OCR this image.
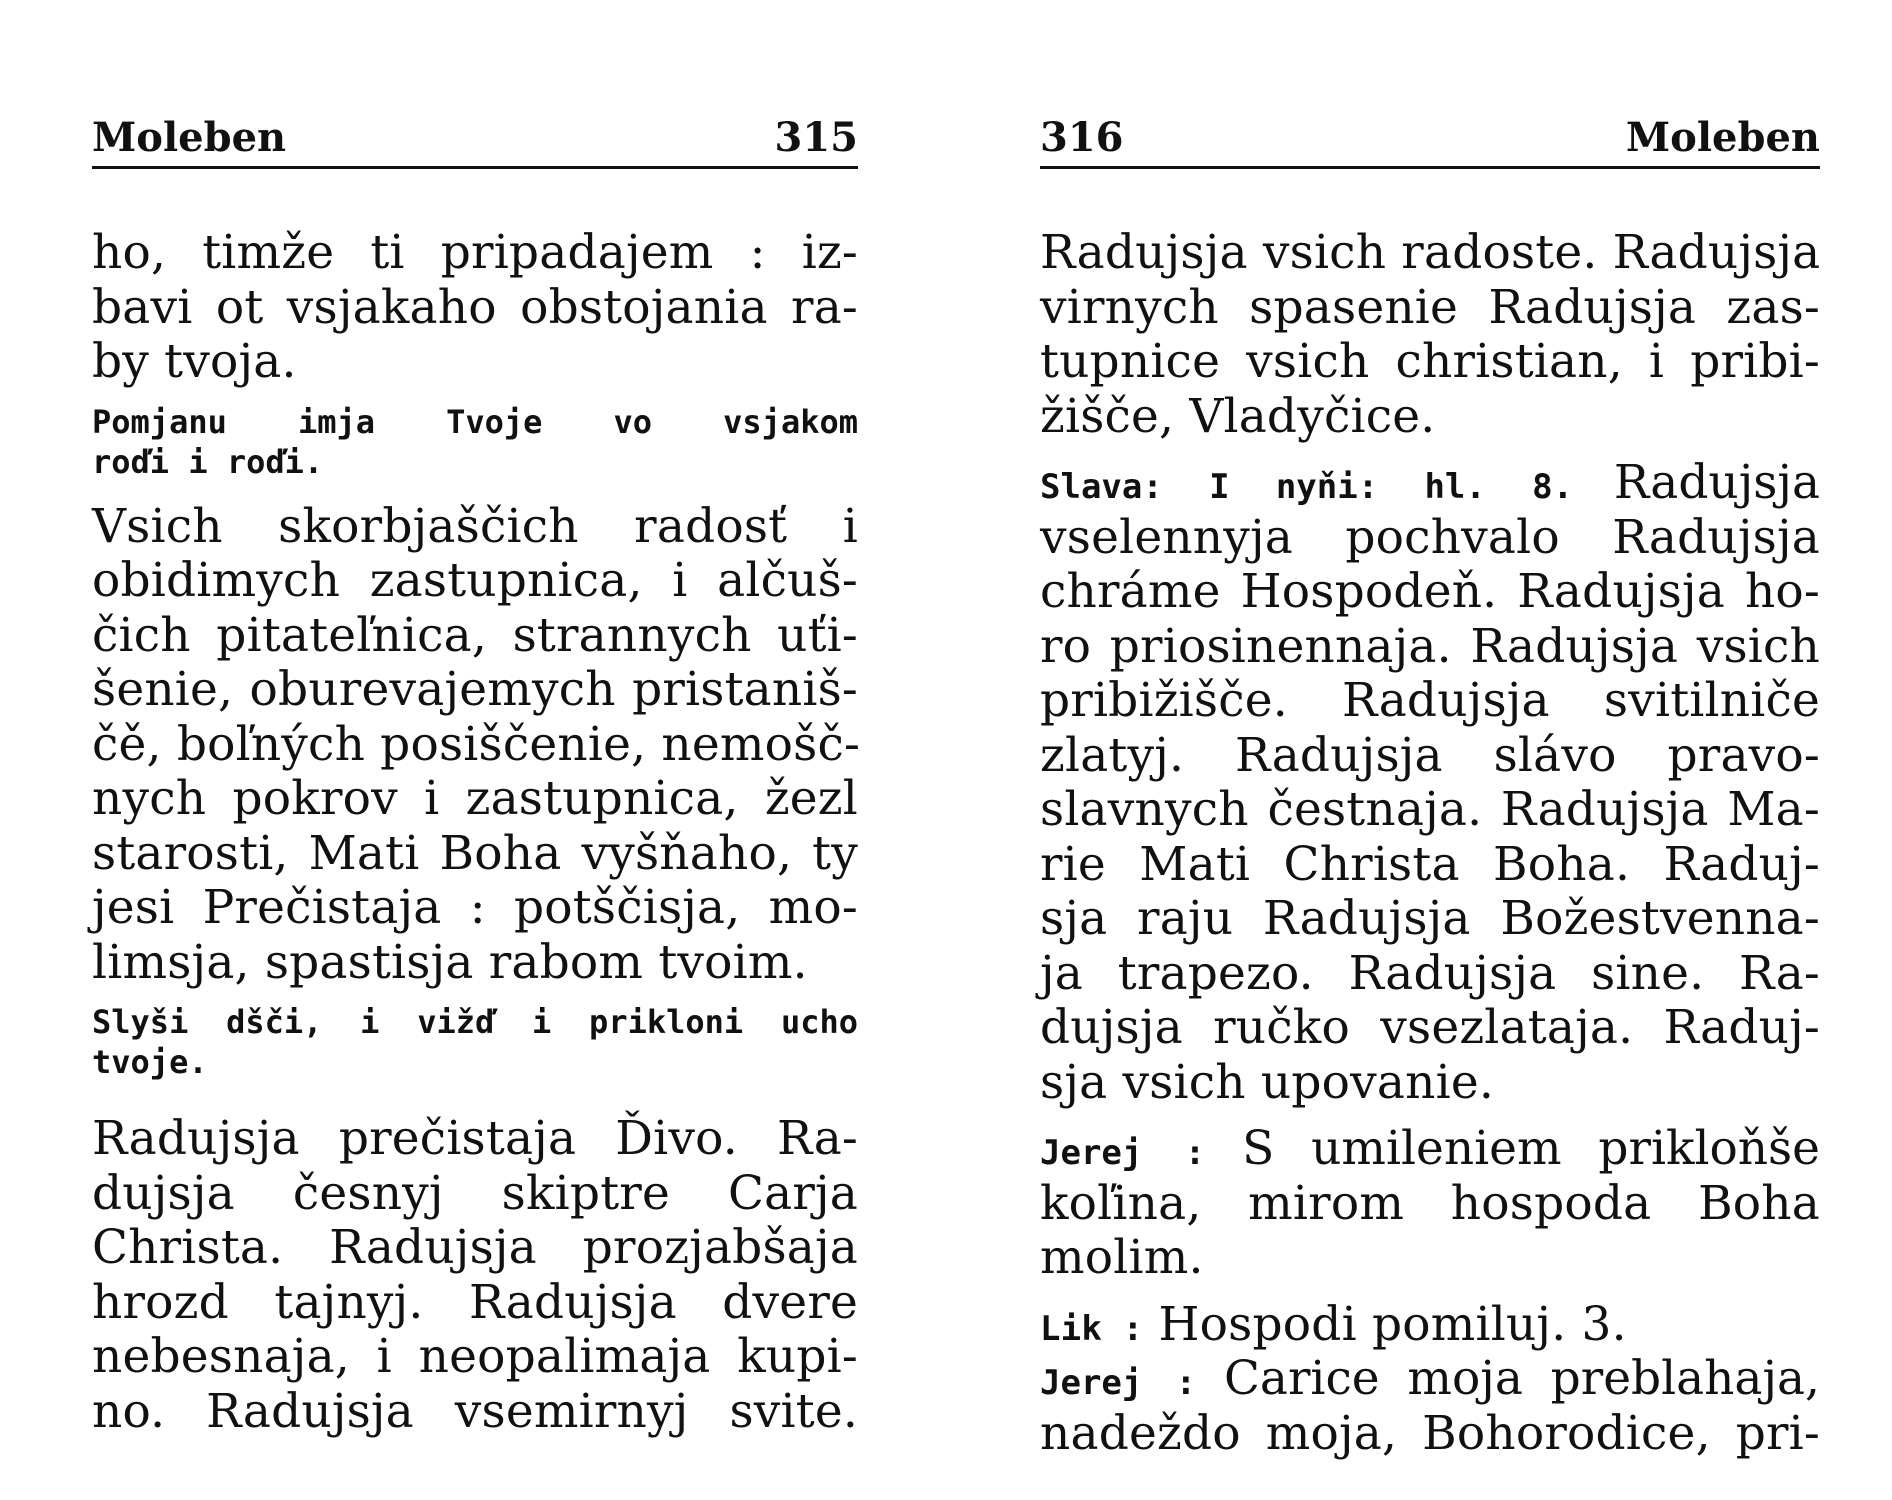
Moleben	315
ho, timže ti pripadajem : iz-
bavi ot vsjakaho obstojania ra-
by tvoja.
Pomjanu imja Tvoje vo vsjakom
roďi i roďi.
Vsich skorbjaščich radosť i
obidimych zastupnica, i alčuš-
čich pitateľnica, strannych uťi-
šenie, oburevajemych pristaniš-
čě, boľných posiščenie, nemošč-
nych pokrov i zastupnica, žezl
starosti, Mati Boha vyšňaho, ty
jesi Prečistaja : potščisja, mo-
limsja, spastisja rabom tvoim.
Slyši dšči, i vižď i prikloni ucho
tvoje.
Radujsja prečistaja Ďivo. Ra-
dujsja česnyj skiptre Carja
Christa. Radujsja prozjabšaja
hrozd tajnyj. Radujsja dvere
nebesnaja, i neopalimaja kupi-
no. Radujsja vsemirnyj svite.
316	Moleben
Radujsja vsich radoste. Radujsja
virnych spasenie Radujsja zas-
tupnice vsich christian, i pribi-
žišče, Vladyčice.
Slava: I nyňi: hl. 8. Radujsja
vselennyja pochvalo Radujsja
chráme Hospodeň. Radujsja ho-
ro priosinennaja. Radujsja vsich
pribižišče. Radujsja svitilniče
zlatyj. Radujsja slávo pravo-
slavnych čestnaja. Radujsja Ma-
rie Mati Christa Boha. Raduj-
sja raju Radujsja Božestvenna-
ja trapezo. Radujsja sine. Ra-
dujsja ručko vsezlataja. Raduj-
sja vsich upovanie.
Jerej : S umileniem prikloňše
koľina, mirom hospoda Boha
molim.
Lik : Hospodi pomiluj. 3.
Jerej : Carice moja preblahaja,
nadeždo moja, Bohorodice, pri-
